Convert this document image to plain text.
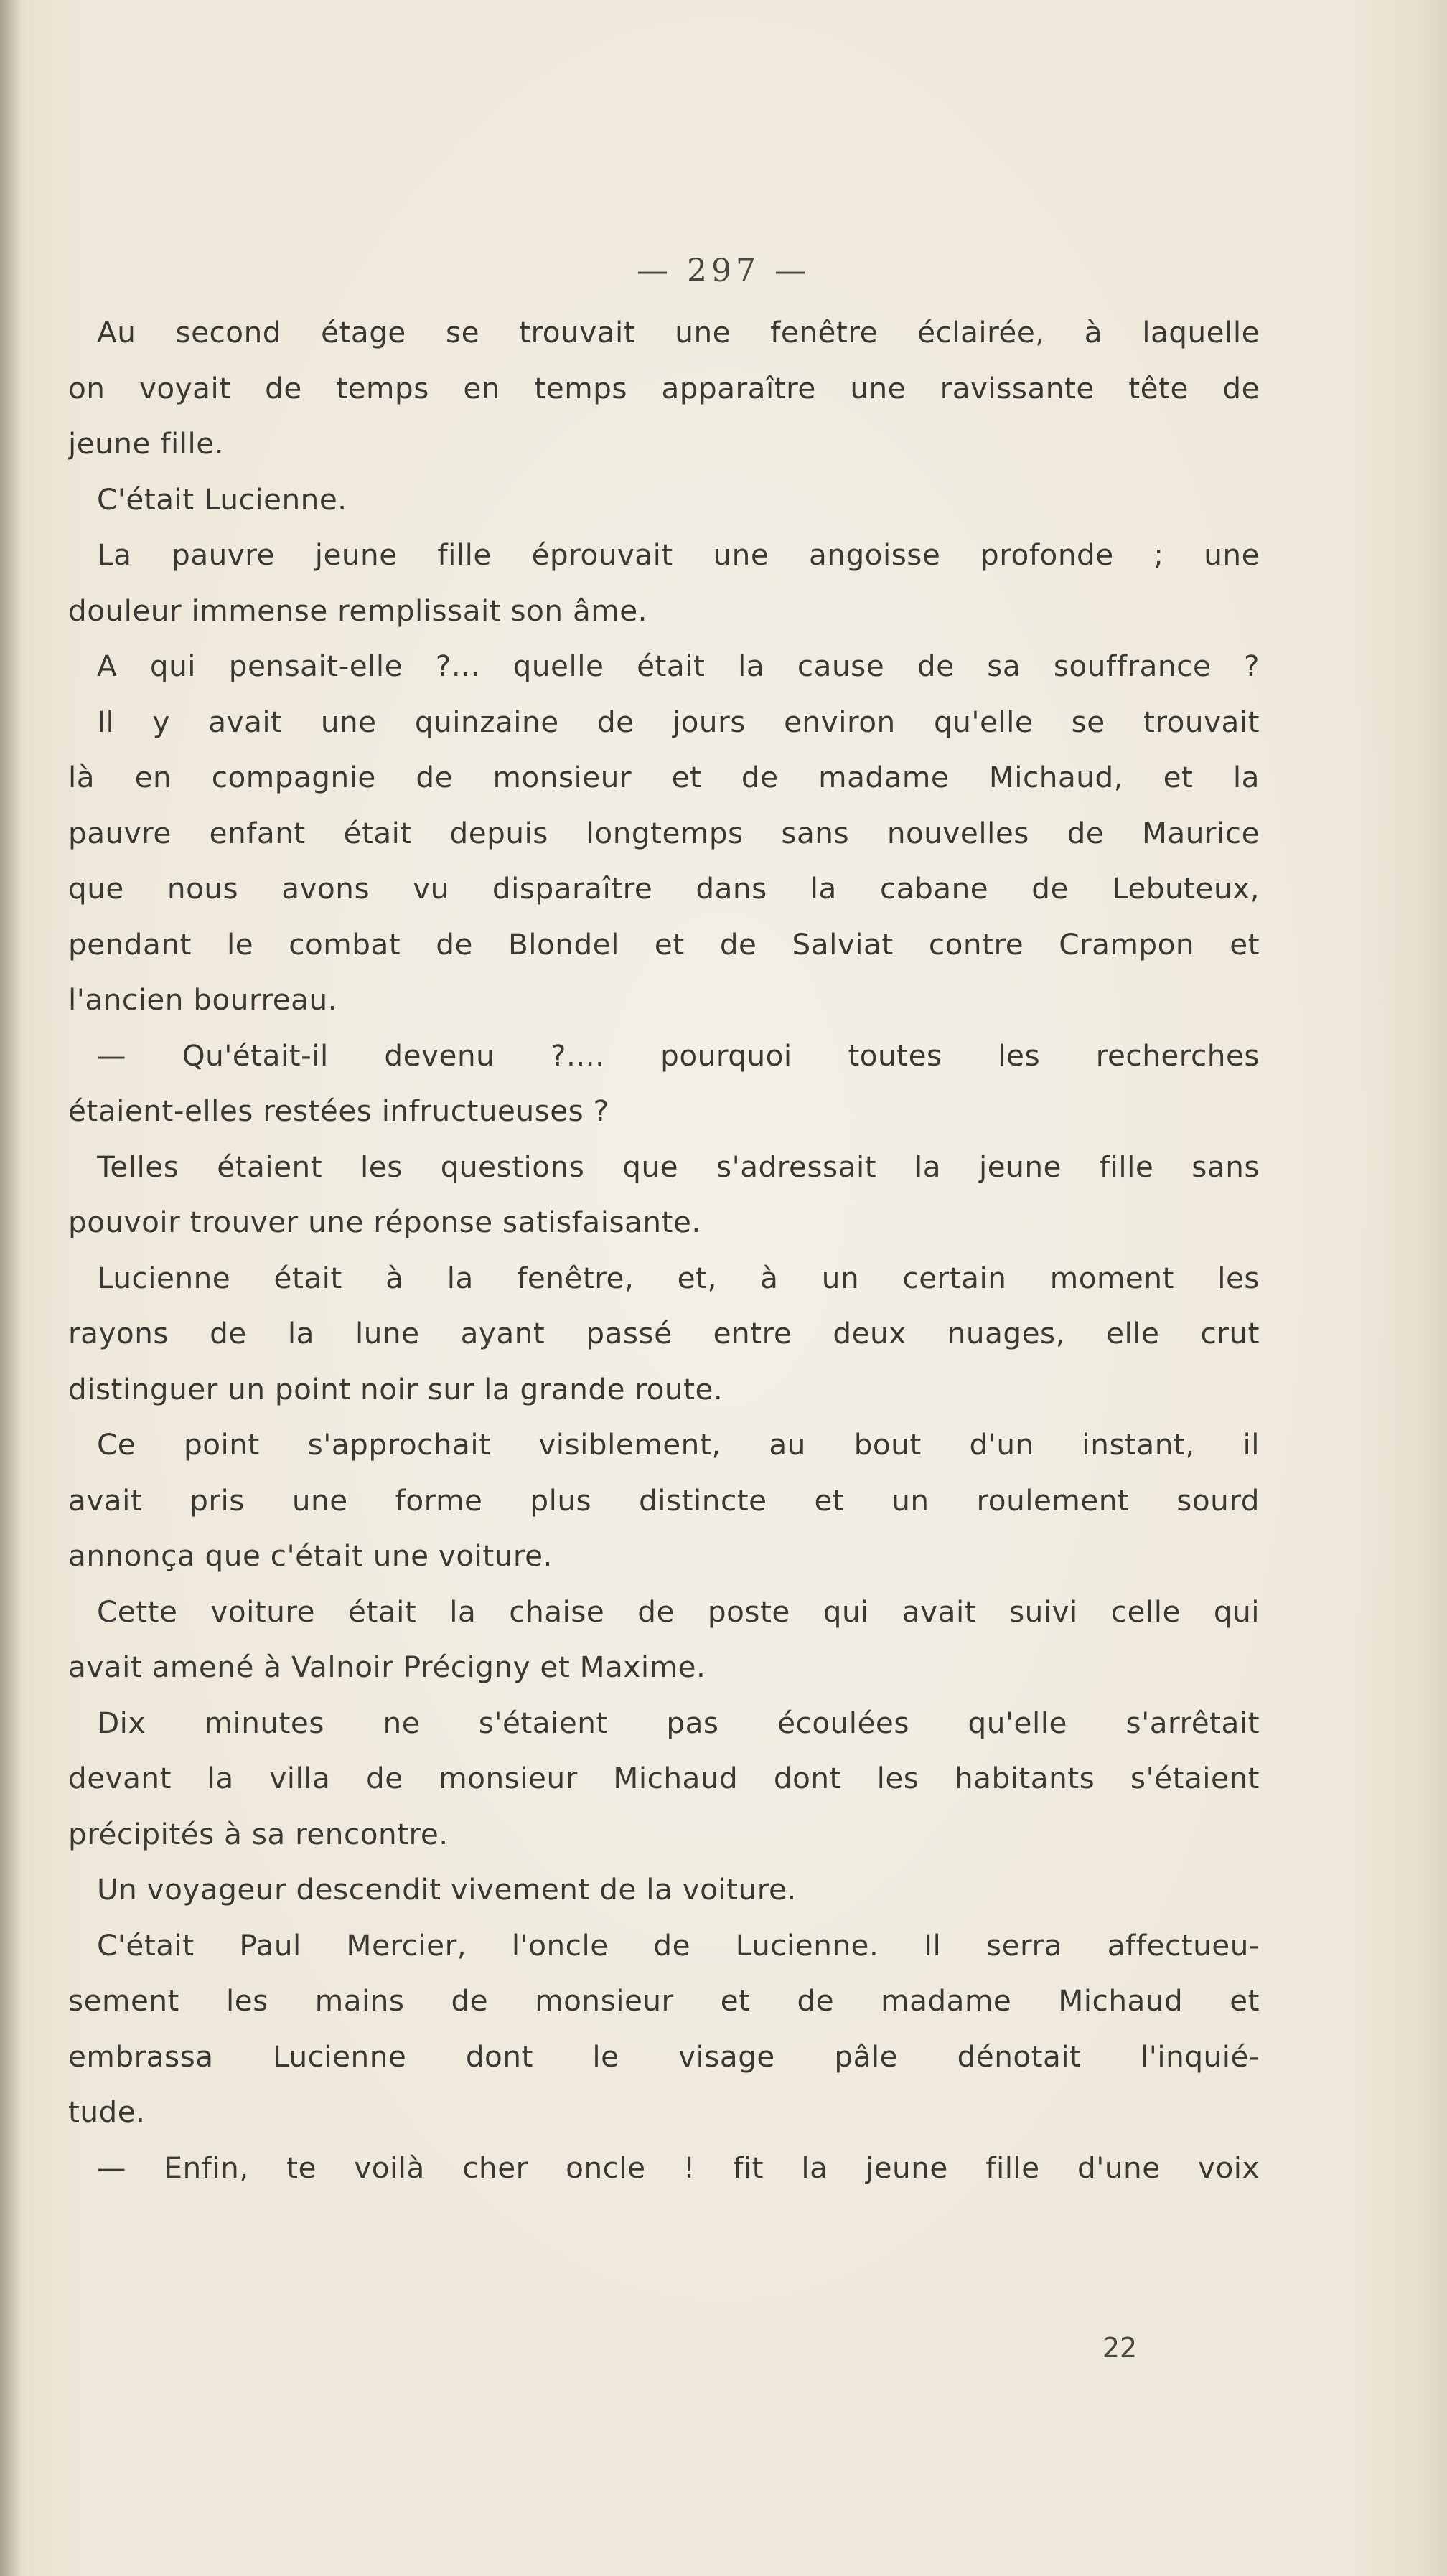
— 297 —
Au second étage se trouvait une fenêtre éclairée, à laquelle
on voyait de temps en temps apparaître une ravissante tête de
jeune fille.
C'était Lucienne.
La pauvre jeune fille éprouvait une angoisse profonde ; une
douleur immense remplissait son âme.
A qui pensait-elle ?... quelle était la cause de sa souffrance ?
Il y avait une quinzaine de jours environ qu'elle se trouvait
là en compagnie de monsieur et de madame Michaud, et la
pauvre enfant était depuis longtemps sans nouvelles de Maurice
que nous avons vu disparaître dans la cabane de Lebuteux,
pendant le combat de Blondel et de Salviat contre Crampon et
l'ancien bourreau.
— Qu'était-il devenu ?.... pourquoi toutes les recherches
étaient-elles restées infructueuses ?
Telles étaient les questions que s'adressait la jeune fille sans
pouvoir trouver une réponse satisfaisante.
Lucienne était à la fenêtre, et, à un certain moment les
rayons de la lune ayant passé entre deux nuages, elle crut
distinguer un point noir sur la grande route.
Ce point s'approchait visiblement, au bout d'un instant, il
avait pris une forme plus distincte et un roulement sourd
annonça que c'était une voiture.
Cette voiture était la chaise de poste qui avait suivi celle qui
avait amené à Valnoir Précigny et Maxime.
Dix minutes ne s'étaient pas écoulées qu'elle s'arrêtait
devant la villa de monsieur Michaud dont les habitants s'étaient
précipités à sa rencontre.
Un voyageur descendit vivement de la voiture.
C'était Paul Mercier, l'oncle de Lucienne. Il serra affectueu-
sement les mains de monsieur et de madame Michaud et
embrassa Lucienne dont le visage pâle dénotait l'inquié-
tude.
— Enfin, te voilà cher oncle ! fit la jeune fille d'une voix
22
